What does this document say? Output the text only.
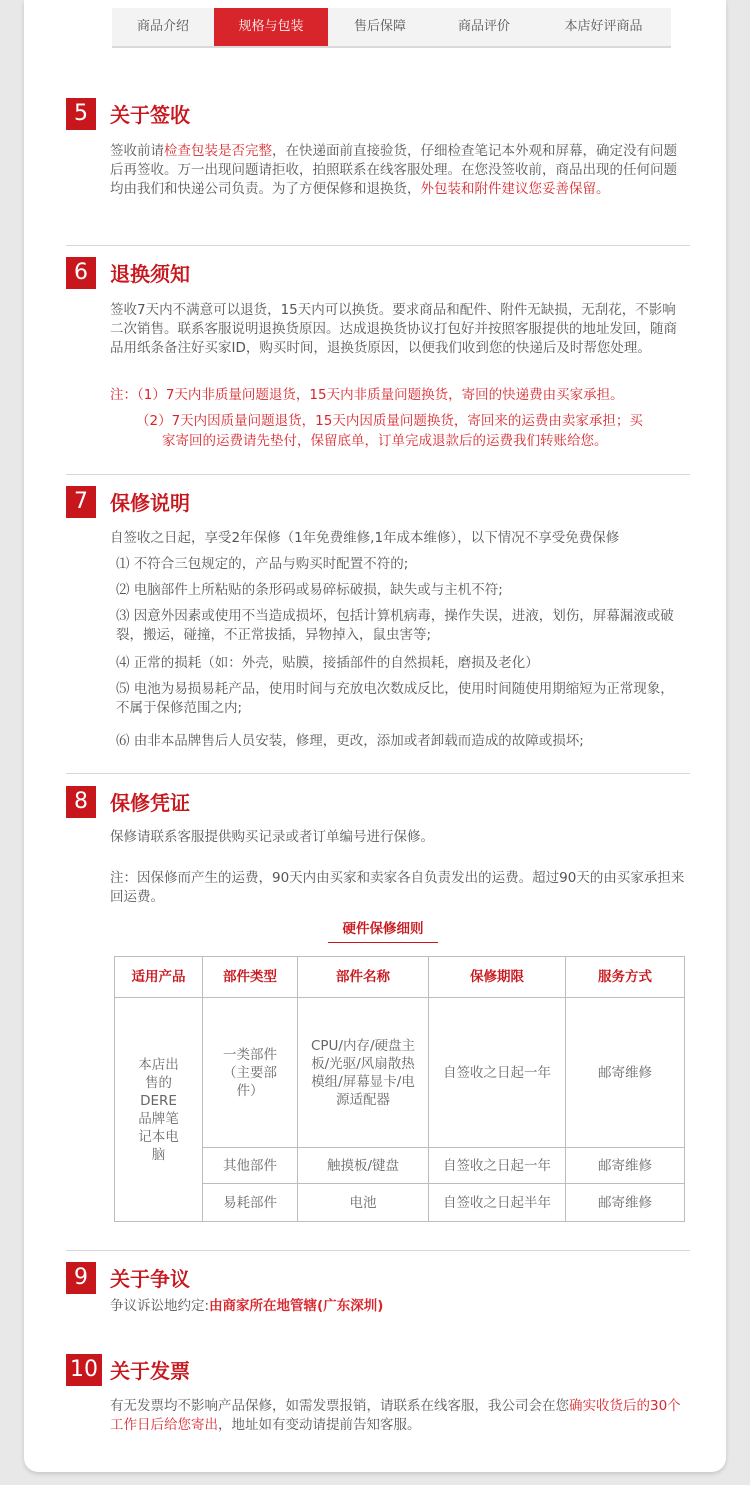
商品介绍	规格与包装	售后保障	商品评价	本店好评商品
5	关于签收
签收前请检查包装是否完整，在快递面前直接验货，仔细检查笔记本外观和屏幕，确定没有问题后再签收。万一出现问题请拒收，拍照联系在线客服处理。在您没签收前，商品出现的任何问题均由我们和快递公司负责。为了方便保修和退换货，外包装和附件建议您妥善保留。
6	退换须知
签收7天内不满意可以退货，15天内可以换货。要求商品和配件、附件无缺损，无刮花，不影响二次销售。联系客服说明退换货原因。达成退换货协议打包好并按照客服提供的地址发回，随商品用纸条备注好买家ID，购买时间，退换货原因，以便我们收到您的快递后及时帮您处理。
注：（1）7天内非质量问题退货，15天内非质量问题换货，寄回的快递费由买家承担。
（2）7天内因质量问题退货，15天内因质量问题换货，寄回来的运费由卖家承担；买
家寄回的运费请先垫付，保留底单，订单完成退款后的运费我们转账给您。
7	保修说明
自签收之日起，享受2年保修（1年免费维修,1年成本维修），以下情况不享受免费保修
⑴ 不符合三包规定的，产品与购买时配置不符的;
⑵ 电脑部件上所粘贴的条形码或易碎标破损，缺失或与主机不符;
⑶ 因意外因素或使用不当造成损坏，包括计算机病毒，操作失误，进液，划伤，屏幕漏液或破裂，搬运，碰撞，不正常拔插，异物掉入，鼠虫害等;
⑷ 正常的损耗（如：外壳，贴膜，接插部件的自然损耗，磨损及老化）
⑸ 电池为易损易耗产品，使用时间与充放电次数成反比，使用时间随使用期缩短为正常现象，不属于保修范围之内;
⑹ 由非本品牌售后人员安装，修理，更改，添加或者卸载而造成的故障或损坏;
8	保修凭证
保修请联系客服提供购买记录或者订单编号进行保修。
注：因保修而产生的运费，90天内由买家和卖家各自负责发出的运费。超过90天的由买家承担来回运费。
硬件保修细则
适用产品	部件类型	部件名称	保修期限	服务方式
本店出售的DERE品牌笔记本电脑	一类部件（主要部件）	CPU/内存/硬盘主板/光驱/风扇散热模组/屏幕显卡/电源适配器	自签收之日起一年	邮寄维修
	其他部件	触摸板/键盘	自签收之日起一年	邮寄维修
	易耗部件	电池	自签收之日起半年	邮寄维修
9	关于争议
争议诉讼地约定:由商家所在地管辖(广东深圳)
10 关于发票
有无发票均不影响产品保修，如需发票报销，请联系在线客服，我公司会在您确实收货后的30个工作日后给您寄出，地址如有变动请提前告知客服。
